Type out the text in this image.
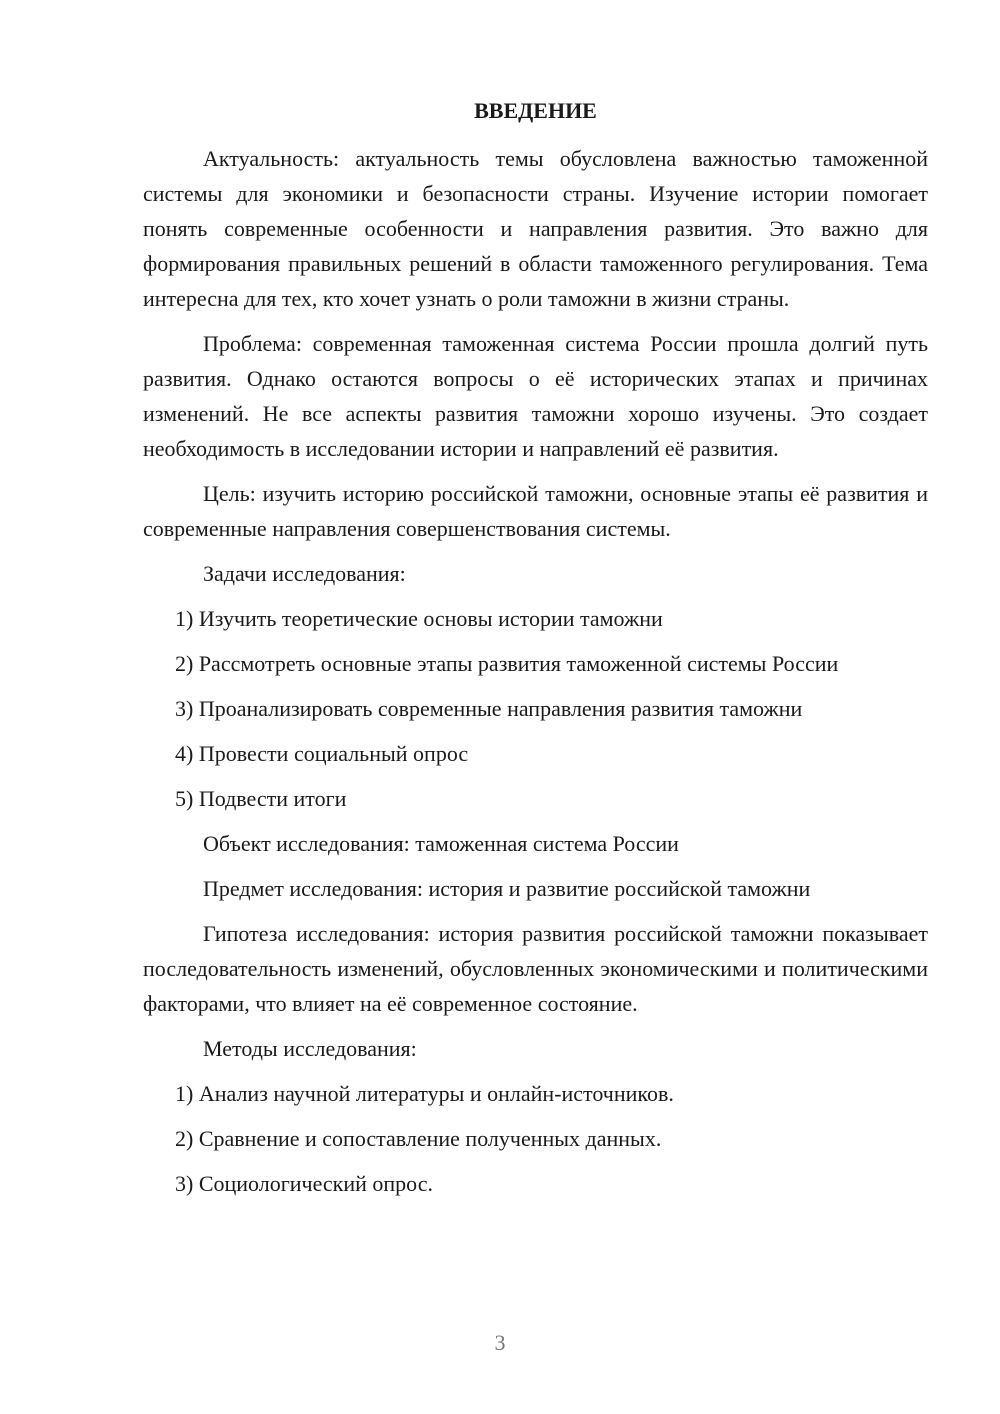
ВВЕДЕНИЕ

Актуальность: актуальность темы обусловлена важностью таможенной системы для экономики и безопасности страны. Изучение истории помогает понять современные особенности и направления развития. Это важно для формирования правильных решений в области таможенного регулирования. Тема интересна для тех, кто хочет узнать о роли таможни в жизни страны.

Проблема: современная таможенная система России прошла долгий путь развития. Однако остаются вопросы о её исторических этапах и причинах изменений. Не все аспекты развития таможни хорошо изучены. Это создает необходимость в исследовании истории и направлений её развития.

Цель: изучить историю российской таможни, основные этапы её развития и современные направления совершенствования системы.

Задачи исследования:

1) Изучить теоретические основы истории таможни
2) Рассмотреть основные этапы развития таможенной системы России
3) Проанализировать современные направления развития таможни
4) Провести социальный опрос
5) Подвести итоги

Объект исследования: таможенная система России

Предмет исследования: история и развитие российской таможни

Гипотеза исследования: история развития российской таможни показывает последовательность изменений, обусловленных экономическими и политическими факторами, что влияет на её современное состояние.

Методы исследования:

1) Анализ научной литературы и онлайн-источников.
2) Сравнение и сопоставление полученных данных.
3) Социологический опрос.
3
